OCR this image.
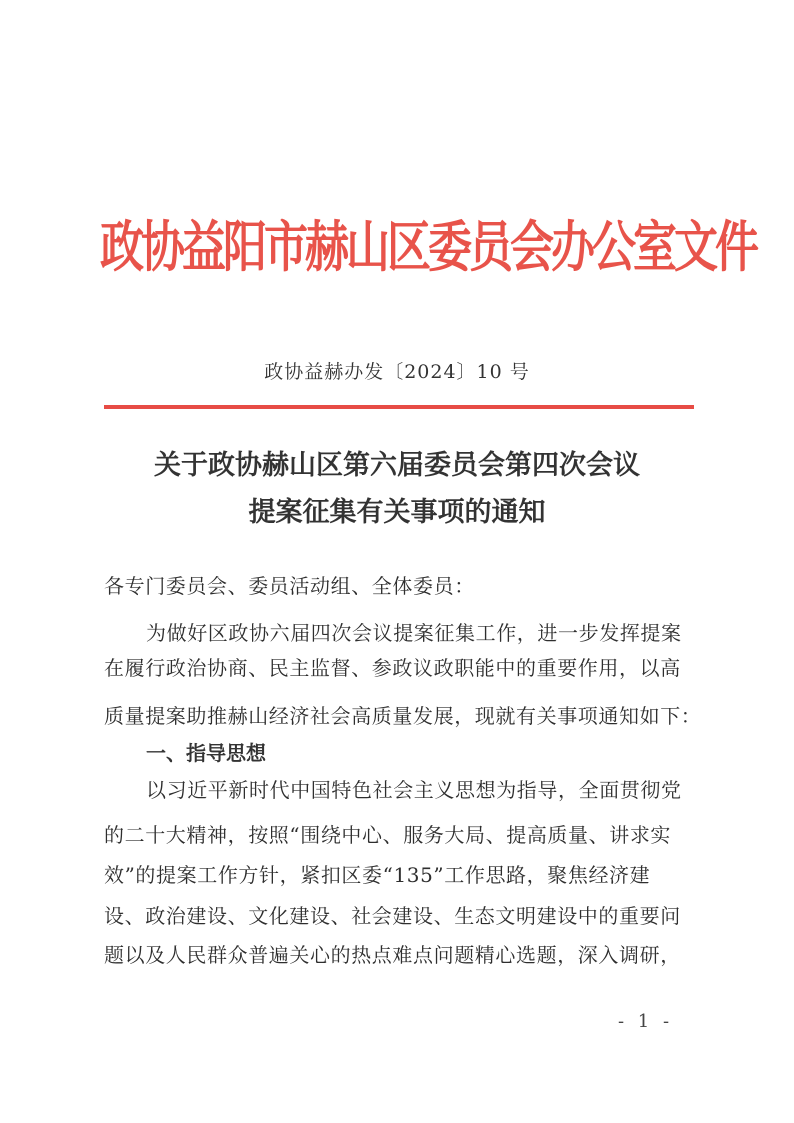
政协益阳市赫山区委员会办公室文件
政协益赫办发〔2024〕10 号
关于政协赫山区第六届委员会第四次会议
提案征集有关事项的通知
各专门委员会、委员活动组、全体委员：
为做好区政协六届四次会议提案征集工作，进一步发挥提案
在履行政治协商、民主监督、参政议政职能中的重要作用，以高
质量提案助推赫山经济社会高质量发展，现就有关事项通知如下：
一、指导思想
以习近平新时代中国特色社会主义思想为指导，全面贯彻党
的二十大精神，按照“围绕中心、服务大局、提高质量、讲求实
效”的提案工作方针，紧扣区委“135”工作思路，聚焦经济建
设、政治建设、文化建设、社会建设、生态文明建设中的重要问
题以及人民群众普遍关心的热点难点问题精心选题，深入调研，
- 1 -
